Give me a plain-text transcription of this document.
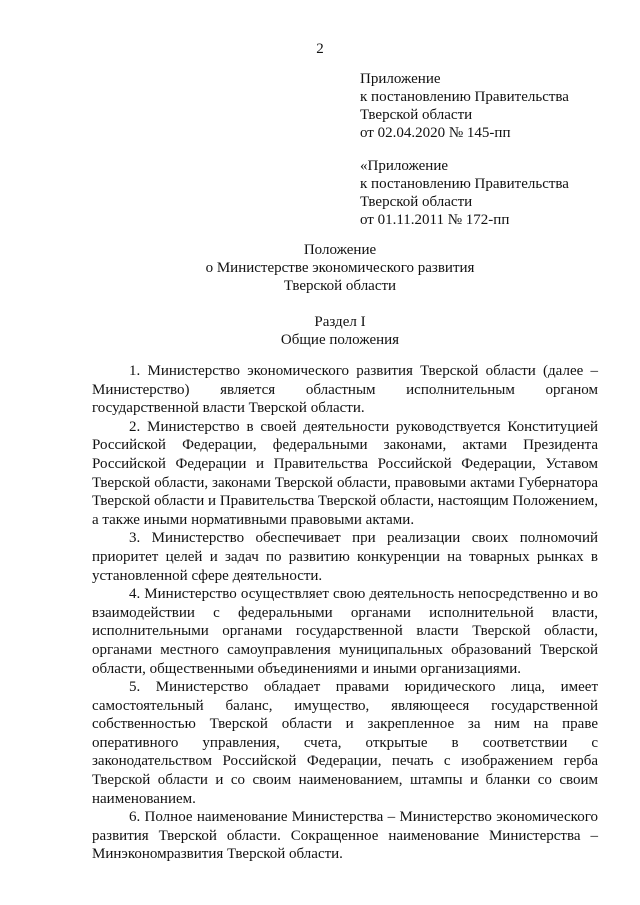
2
Приложение
к постановлению Правительства
Тверской области
от 02.04.2020 № 145-пп
«Приложение
к постановлению Правительства
Тверской области
от 01.11.2011 № 172-пп
Положение
о Министерстве экономического развития
Тверской области
Раздел I
Общие положения

1. Министерство экономического развития Тверской области (далее – Министерство) является областным исполнительным органом государственной власти Тверской области.

2. Министерство в своей деятельности руководствуется Конституцией Российской Федерации, федеральными законами, актами Президента Российской Федерации и Правительства Российской Федерации, Уставом Тверской области, законами Тверской области, правовыми актами Губернатора Тверской области и Правительства Тверской области, настоящим Положением, а также иными нормативными правовыми актами.

3. Министерство обеспечивает при реализации своих полномочий приоритет целей и задач по развитию конкуренции на товарных рынках в установленной сфере деятельности.

4. Министерство осуществляет свою деятельность непосредственно и во взаимодействии с федеральными органами исполнительной власти, исполнительными органами государственной власти Тверской области, органами местного самоуправления муниципальных образований Тверской области, общественными объединениями и иными организациями.

5. Министерство обладает правами юридического лица, имеет самостоятельный баланс, имущество, являющееся государственной собственностью Тверской области и закрепленное за ним на праве оперативного управления, счета, открытые в соответствии с законодательством Российской Федерации, печать с изображением герба Тверской области и со своим наименованием, штампы и бланки со своим наименованием.

6. Полное наименование Министерства – Министерство экономического развития Тверской области. Сокращенное наименование Министерства – Минэкономразвития Тверской области.
